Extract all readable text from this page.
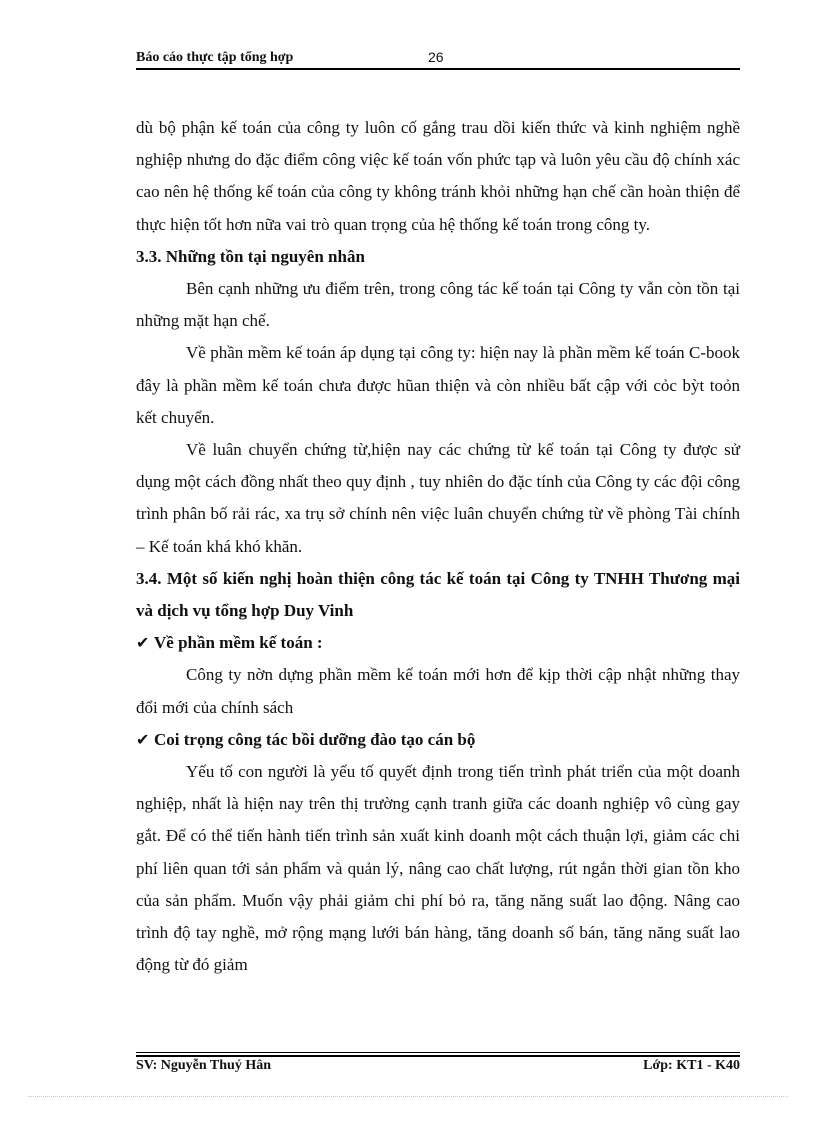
Báo cáo thực tập tổng hợp	26

dù bộ phận kế toán của công ty luôn cố gắng trau dồi kiến thức và kinh nghiệm nghề nghiệp nhưng do đặc điểm công việc kế toán vốn phức tạp và luôn yêu cầu độ chính xác cao nên hệ thống kế toán của công ty không tránh khỏi những hạn chế cần hoàn thiện để thực hiện tốt hơn nữa vai trò quan trọng của hệ thống kế toán trong công ty.

3.3. Những tồn tại nguyên nhân

Bên cạnh những ưu điểm trên, trong công tác kế toán tại Công ty vẫn còn tồn tại những mặt hạn chế.

Về phần mềm kế toán áp dụng tại công ty: hiện nay là phần mềm kế toán C-book đây là phần mềm kế toán chưa được hũan thiện và còn nhiều bất cập với cỏc bỳt toỏn kết chuyển.

Về luân chuyển chứng từ,hiện nay các chứng từ kế toán tại Công ty được sử dụng một cách đồng nhất theo quy định , tuy nhiên do đặc tính của Công ty các đội công trình phân bố rải rác, xa trụ sở chính nên việc luân chuyển chứng từ về phòng Tài chính – Kế toán khá khó khăn.

3.4. Một số kiến nghị hoàn thiện công tác kế toán tại Công ty TNHH Thương mại và dịch vụ tổng hợp Duy Vinh
✔ Về phần mềm kế toán :

Công ty nờn dựng phần mềm kế toán mới hơn để kịp thời cập nhật những thay đổi mới của chính sách

✔ Coi trọng công tác bồi dưỡng đào tạo cán bộ

Yếu tố con người là yếu tố quyết định trong tiến trình phát triển của một doanh nghiệp, nhất là hiện nay trên thị trường cạnh tranh giữa các doanh nghiệp vô cùng gay gắt. Để có thể tiến hành tiến trình sản xuất kinh doanh một cách thuận lợi, giảm các chi phí liên quan tới sản phẩm và quản lý, nâng cao chất lượng, rút ngắn thời gian tồn kho của sản phẩm. Muốn vậy phải giảm chi phí bỏ ra, tăng năng suất lao động. Nâng cao trình độ tay nghề, mở rộng mạng lưới bán hàng, tăng doanh số bán, tăng năng suất lao động từ đó giảm

SV: Nguyễn Thuý Hân	Lớp: KT1 - K40
